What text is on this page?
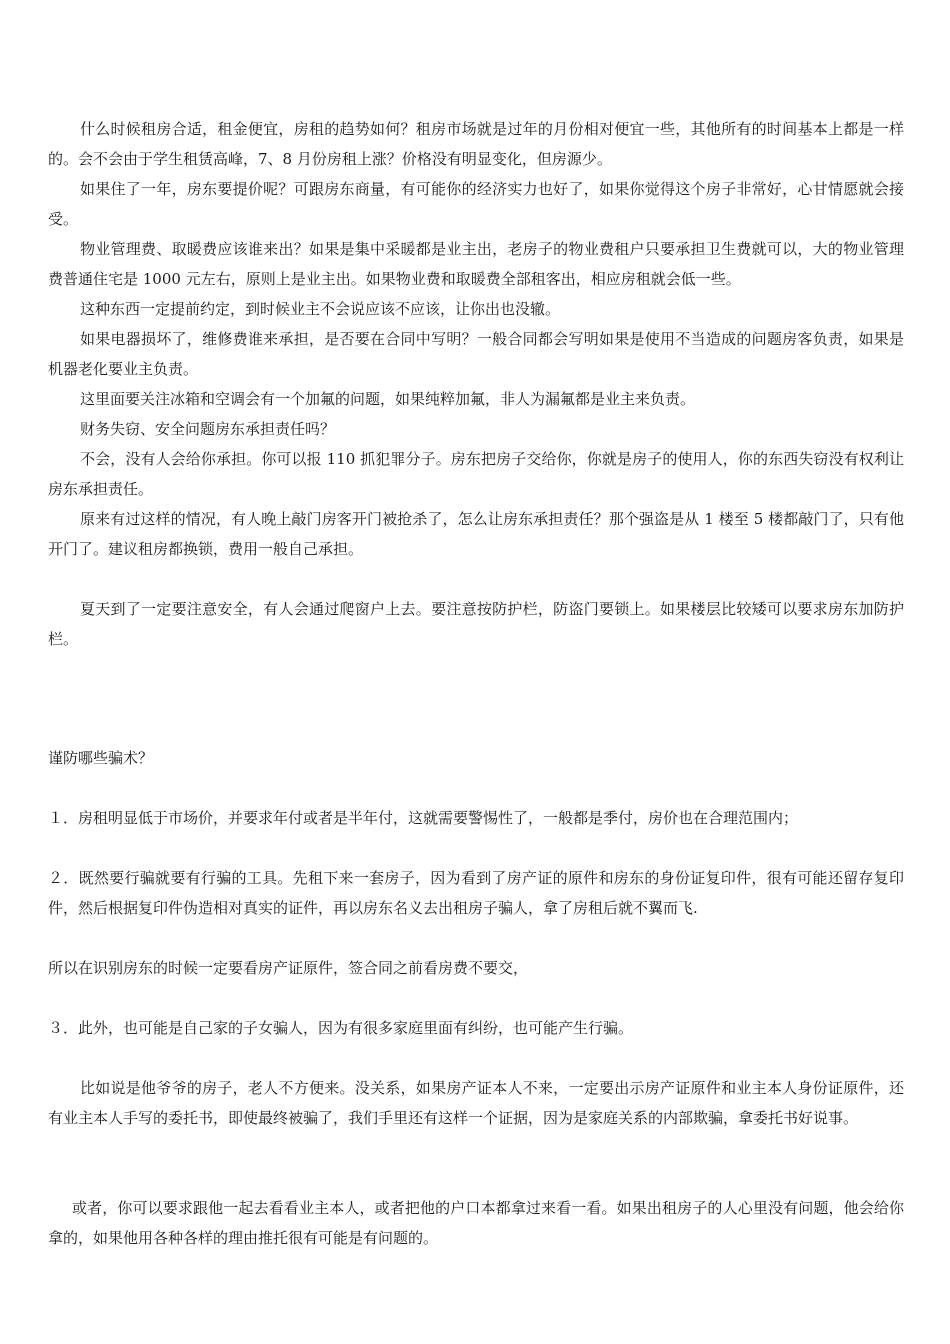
什么时候租房合适，租金便宜，房租的趋势如何？租房市场就是过年的月份相对便宜一些，其他所有的时间基本上都是一样的。会不会由于学生租赁高峰，7、8 月份房租上涨？价格没有明显变化，但房源少。

如果住了一年，房东要提价呢？可跟房东商量，有可能你的经济实力也好了，如果你觉得这个房子非常好，心甘情愿就会接受。

物业管理费、取暖费应该谁来出？如果是集中采暖都是业主出，老房子的物业费租户只要承担卫生费就可以，大的物业管理费普通住宅是 1000 元左右，原则上是业主出。如果物业费和取暖费全部租客出，相应房租就会低一些。

这种东西一定提前约定，到时候业主不会说应该不应该，让你出也没辙。

如果电器损坏了，维修费谁来承担，是否要在合同中写明？一般合同都会写明如果是使用不当造成的问题房客负责，如果是机器老化要业主负责。

这里面要关注冰箱和空调会有一个加氟的问题，如果纯粹加氟，非人为漏氟都是业主来负责。

财务失窃、安全问题房东承担责任吗？

不会，没有人会给你承担。你可以报 110 抓犯罪分子。房东把房子交给你，你就是房子的使用人，你的东西失窃没有权利让房东承担责任。

原来有过这样的情况，有人晚上敲门房客开门被抢杀了，怎么让房东承担责任？那个强盗是从 1 楼至 5 楼都敲门了，只有他开门了。建议租房都换锁，费用一般自己承担。

夏天到了一定要注意安全，有人会通过爬窗户上去。要注意按防护栏，防盗门要锁上。如果楼层比较矮可以要求房东加防护栏。

谨防哪些骗术？

１．房租明显低于市场价，并要求年付或者是半年付，这就需要警惕性了，一般都是季付，房价也在合理范围内；

２．既然要行骗就要有行骗的工具。先租下来一套房子，因为看到了房产证的原件和房东的身份证复印件，很有可能还留存复印件，然后根据复印件伪造相对真实的证件，再以房东名义去出租房子骗人，拿了房租后就不翼而飞.

所以在识别房东的时候一定要看房产证原件，签合同之前看房费不要交，

３．此外，也可能是自己家的子女骗人，因为有很多家庭里面有纠纷，也可能产生行骗。

比如说是他爷爷的房子，老人不方便来。没关系，如果房产证本人不来，一定要出示房产证原件和业主本人身份证原件，还有业主本人手写的委托书，即使最终被骗了，我们手里还有这样一个证据，因为是家庭关系的内部欺骗，拿委托书好说事。

或者，你可以要求跟他一起去看看业主本人，或者把他的户口本都拿过来看一看。如果出租房子的人心里没有问题，他会给你拿的，如果他用各种各样的理由推托很有可能是有问题的。
